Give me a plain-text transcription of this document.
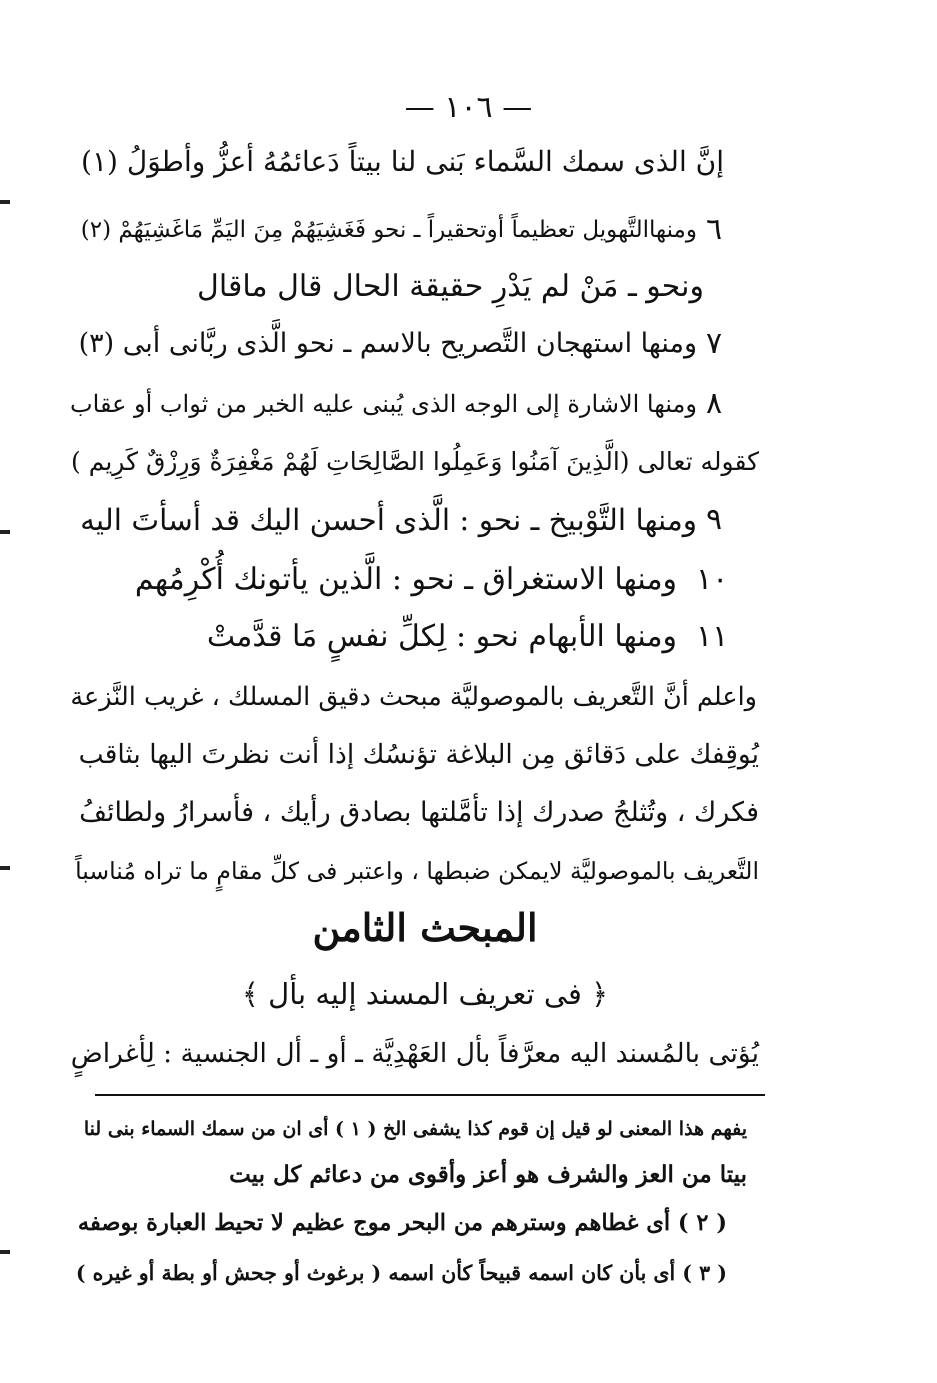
— ١٠٦ —
إنَّ الذى سمك السَّماء بَنى لنا بيتاً دَعائمُهُ أعزُّ وأطوَلُ (١)
٦
ومنهاالتَّهويل تعظيماً أوتحقيراً ـ نحو فَغَشِيَهُمْ مِنَ اليَمِّ مَاغَشِيَهُمْ (٢)
ونحو ـ مَنْ لم يَدْرِ حقيقة الحال قال ماقال
٧
ومنها استهجان التَّصريح بالاسم ـ نحو الَّذى ربَّانى أبى (٣)
٨
ومنها الاشارة إلى الوجه الذى يُبنى عليه الخبر من ثواب أو عقاب
كقوله تعالى (الَّذِينَ آمَنُوا وَعَمِلُوا الصَّالِحَاتِ لَهُمْ مَغْفِرَةٌ وَرِزْقٌ كَرِيم )
٩
ومنها التَّوْبيخ ـ نحو : الَّذى أحسن اليك قد أسأتَ اليه
١٠
ومنها الاستغراق ـ نحو : الَّذين يأتونك أُكْرِمُهم
١١
ومنها الأبهام نحو : لِكلِّ نفسٍ مَا قدَّمتْ
واعلم أنَّ التَّعريف بالموصوليَّة مبحث دقيق المسلك ، غريب النَّزعة
يُوقِفك على دَقائق مِن البلاغة تؤنسُك إذا أنت نظرتَ اليها بثاقب
فكرك ، وتُثلجُ صدرك إذا تأمَّلتها بصادق رأيك ، فأسرارُ ولطائفُ
التَّعريف بالموصوليَّة لايمكن ضبطها ، واعتبر فى كلِّ مقامٍ ما تراه مُناسباً
المبحث الثامن
﴿ فى تعريف المسند إليه بأل ﴾
يُؤتى بالمُسند اليه معرَّفاً بأل العَهْدِيَّة ـ أو ـ أل الجنسية : لِأغراضٍ
يفهم هذا المعنى لو قيل إن قوم كذا يشفى الخ ( ١ ) أى ان من سمك السماء بنى لنا
بيتا من العز والشرف هو أعز وأقوى من دعائم كل بيت
( ٢ ) أى غطاهم وسترهم من البحر موج عظيم لا تحيط العبارة بوصفه
( ٣ ) أى بأن كان اسمه قبيحاً كأن اسمه ( برغوث أو جحش أو بطة أو غيره )
